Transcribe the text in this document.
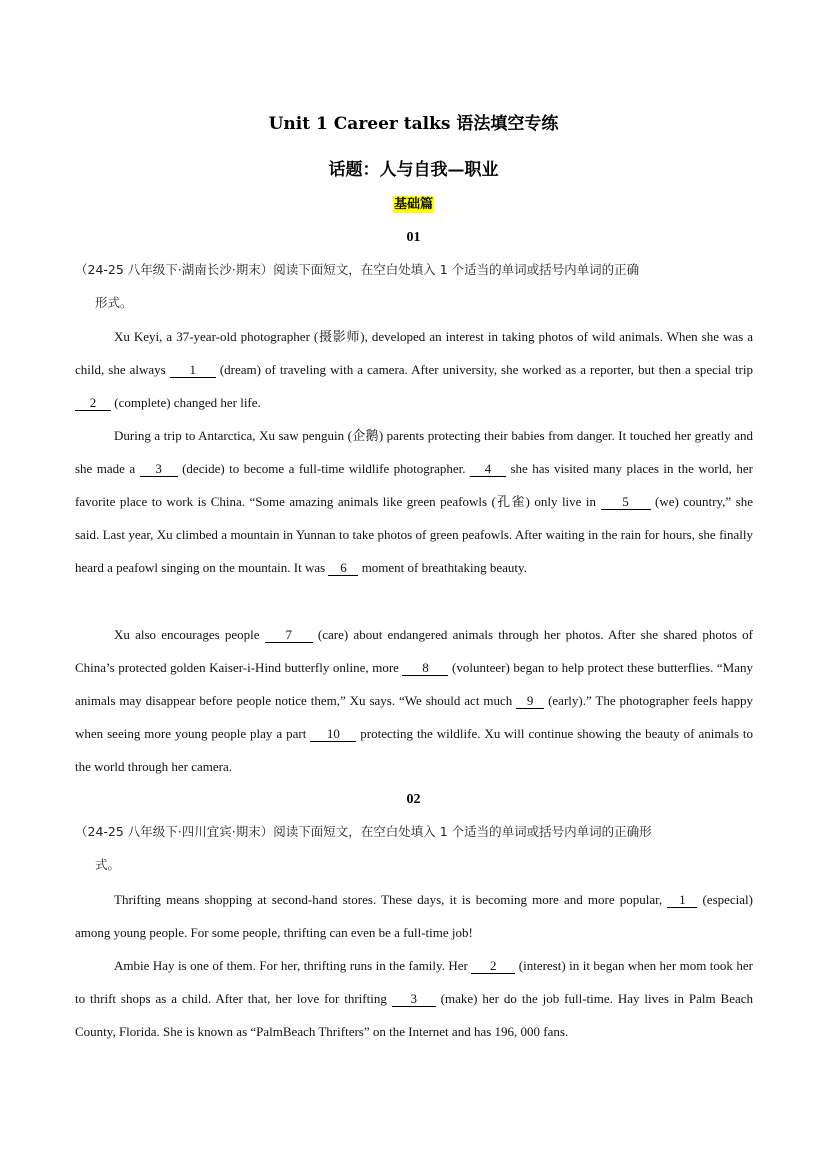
Unit 1 Career talks 语法填空专练
话题：人与自我—职业
基础篇
01
（24-25 八年级下·湖南长沙·期末）阅读下面短文，在空白处填入 1 个适当的单词或括号内单词的正确
形式。
Xu Keyi, a 37-year-old photographer (摄影师), developed an interest in taking photos of wild animals. When she was a child, she always 1 (dream) of traveling with a camera. After university, she worked as a reporter, but then a special trip 2 (complete) changed her life.
During a trip to Antarctica, Xu saw penguin (企鹅) parents protecting their babies from danger. It touched her greatly and she made a 3 (decide) to become a full-time wildlife photographer. 4 she has visited many places in the world, her favorite place to work is China. “Some amazing animals like green peafowls (孔雀) only live in 5 (we) country,” she said. Last year, Xu climbed a mountain in Yunnan to take photos of green peafowls. After waiting in the rain for hours, she finally heard a peafowl singing on the mountain. It was 6 moment of breathtaking beauty.
Xu also encourages people 7 (care) about endangered animals through her photos. After she shared photos of China’s protected golden Kaiser-i-Hind butterfly online, more 8 (volunteer) began to help protect these butterflies. “Many animals may disappear before people notice them,” Xu says. “We should act much 9 (early).” The photographer feels happy when seeing more young people play a part 10 protecting the wildlife. Xu will continue showing the beauty of animals to the world through her camera.
02
（24-25 八年级下·四川宜宾·期末）阅读下面短文，在空白处填入 1 个适当的单词或括号内单词的正确形
式。
Thrifting means shopping at second-hand stores. These days, it is becoming more and more popular, 1 (especial) among young people. For some people, thrifting can even be a full-time job!
Ambie Hay is one of them. For her, thrifting runs in the family. Her 2 (interest) in it began when her mom took her to thrift shops as a child. After that, her love for thrifting 3 (make) her do the job full-time. Hay lives in Palm Beach County, Florida. She is known as “PalmBeach Thrifters” on the Internet and has 196, 000 fans.
